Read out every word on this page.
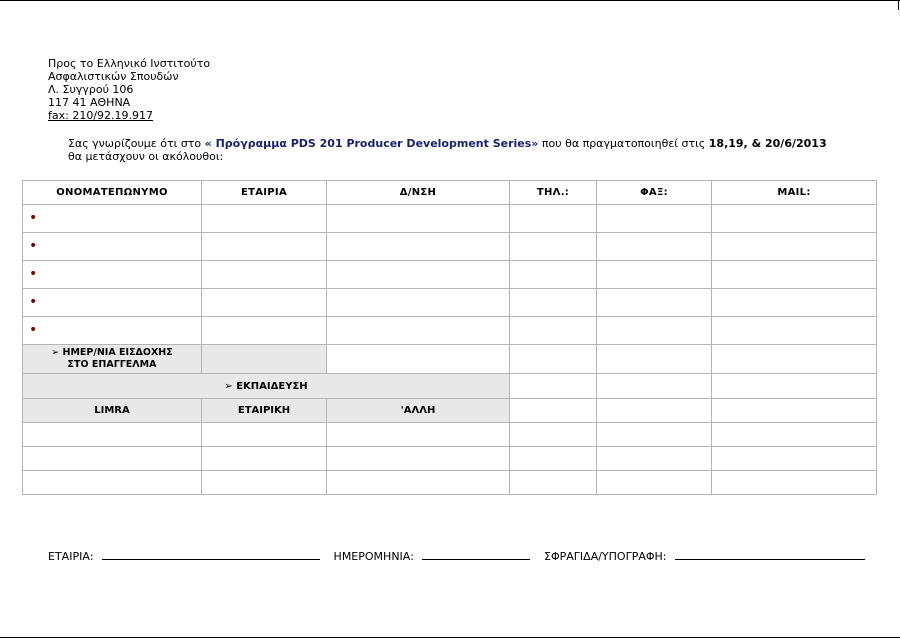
Προς το Ελληνικό Ινστιτούτο
Ασφαλιστικών Σπουδών
Λ. Συγγρού 106
117 41 ΑΘΗΝΑ
fax: 210/92.19.917
Σας γνωρίζουμε ότι στο « Πρόγραμμα PDS 201 Producer Development Series» που θα πραγματοποιηθεί στις 18,19, & 20/6/2013
θα μετάσχουν οι ακόλουθοι:
ΟΝΟΜΑΤΕΠΩΝΥΜΟ	ΕΤΑΙΡΙΑ	Δ/ΝΣΗ	ΤΗΛ.:	ΦΑΞ:	MAIL:
•					
•					
•					
•					
•					

➢ ΗΜΕΡ/ΝΙΑ ΕΙΣΔΟΧΗΣ
ΣΤΟ ΕΠΑΓΓΕΛΜΑ					

➢ ΕΚΠΑΙΔΕΥΣΗ					
LIMRA	ΕΤΑΙΡΙΚΗ	'ΑΛΛΗ			

ΕΤΑΙΡΙΑ:	ΗΜΕΡΟΜΗΝΙΑ:	ΣΦΡΑΓΙΔΑ/ΥΠΟΓΡΑΦΗ:
